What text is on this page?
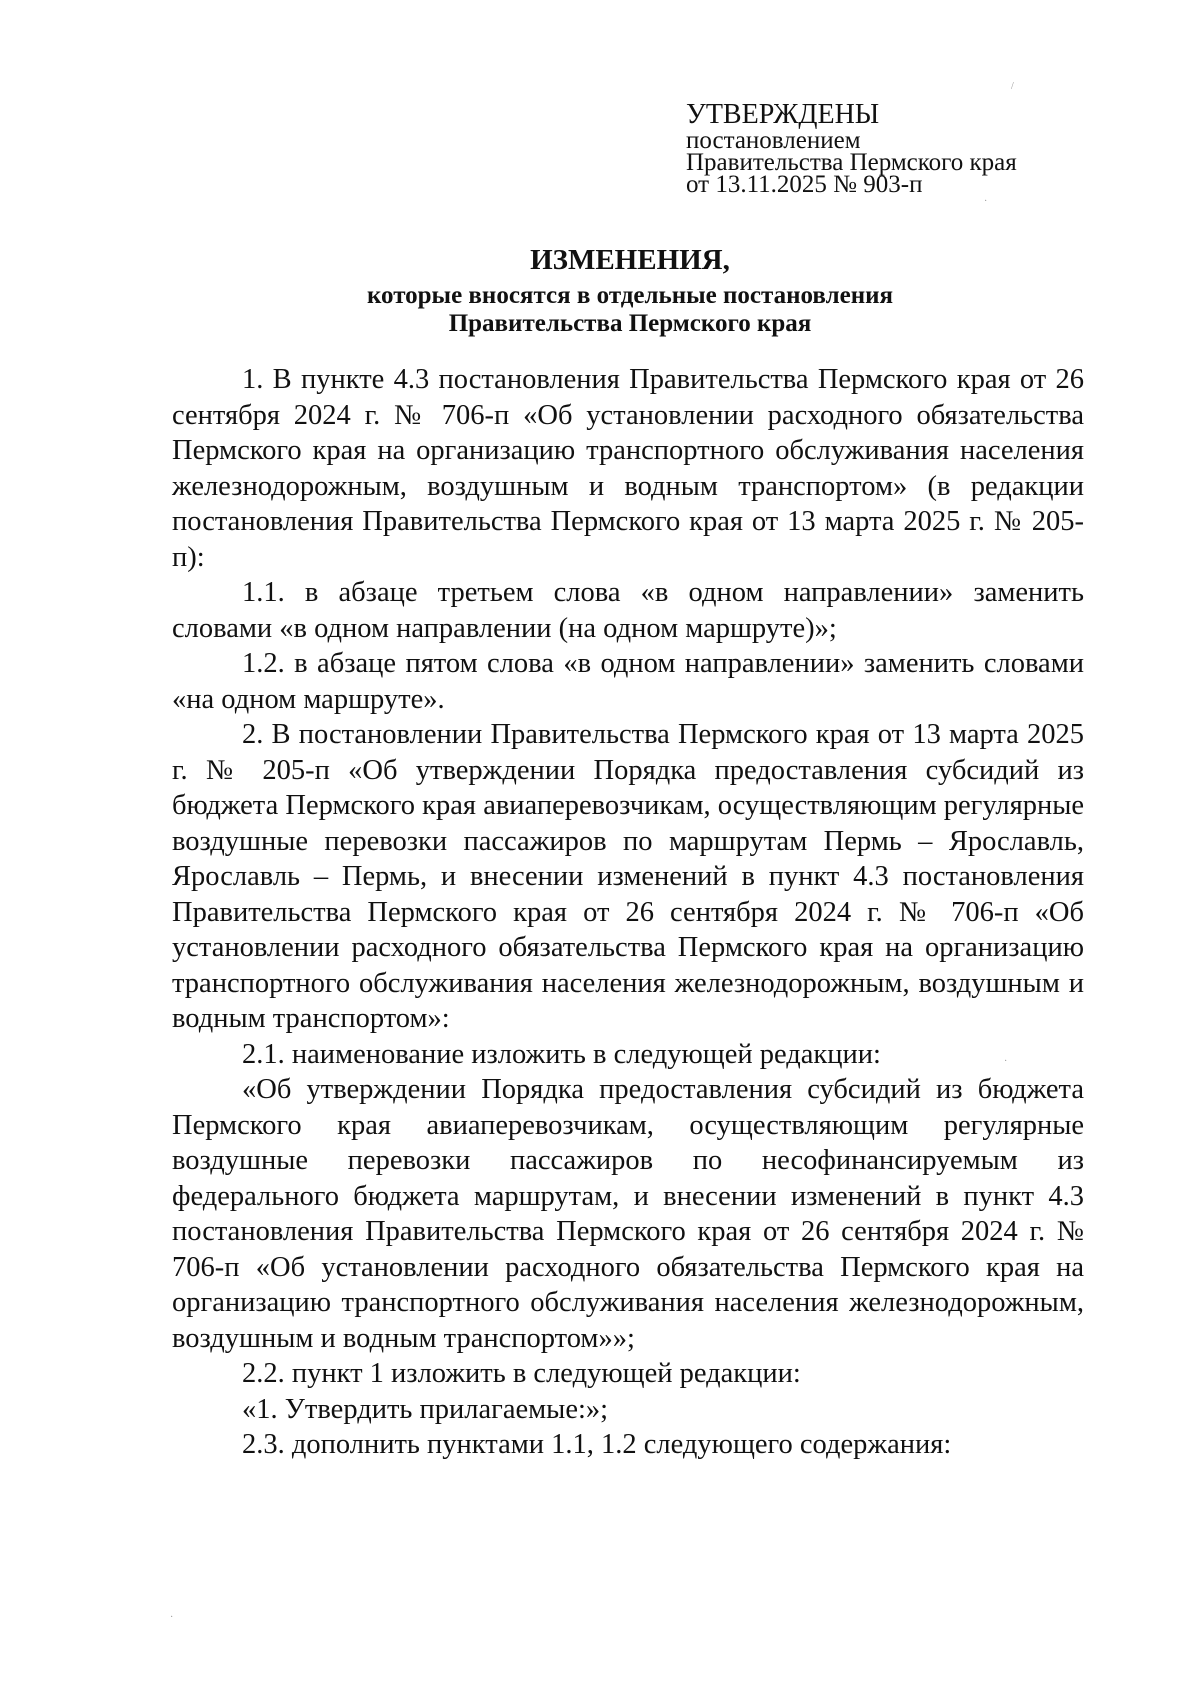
УТВЕРЖДЕНЫ
постановлением
Правительства Пермского края
от 13.11.2025 № 903-п
ИЗМЕНЕНИЯ,
которые вносятся в отдельные постановления
Правительства Пермского края

1. В пункте 4.3 постановления Правительства Пермского края от 26 сентября 2024 г. № 706-п «Об установлении расходного обязательства Пермского края на организацию транспортного обслуживания населения железнодорожным, воздушным и водным транспортом» (в редакции постановления Правительства Пермского края от 13 марта 2025 г. № 205-п):

1.1. в абзаце третьем слова «в одном направлении» заменить словами «в одном направлении (на одном маршруте)»;

1.2. в абзаце пятом слова «в одном направлении» заменить словами «на одном маршруте».

2. В постановлении Правительства Пермского края от 13 марта 2025 г. № 205-п «Об утверждении Порядка предоставления субсидий из бюджета Пермского края авиаперевозчикам, осуществляющим регулярные воздушные перевозки пассажиров по маршрутам Пермь – Ярославль, Ярославль – Пермь, и внесении изменений в пункт 4.3 постановления Правительства Пермского края от 26 сентября 2024 г. № 706-п «Об установлении расходного обязательства Пермского края на организацию транспортного обслуживания населения железнодорожным, воздушным и водным транспортом»:

2.1. наименование изложить в следующей редакции:

«Об утверждении Порядка предоставления субсидий из бюджета Пермского края авиаперевозчикам, осуществляющим регулярные воздушные перевозки пассажиров по несофинансируемым из федерального бюджета маршрутам, и внесении изменений в пункт 4.3 постановления Правительства Пермского края от 26 сентября 2024 г. № 706-п «Об установлении расходного обязательства Пермского края на организацию транспортного обслуживания населения железнодорожным, воздушным и водным транспортом»»;

2.2. пункт 1 изложить в следующей редакции:

«1. Утвердить прилагаемые:»;

2.3. дополнить пунктами 1.1, 1.2 следующего содержания:

/
·
·
·
